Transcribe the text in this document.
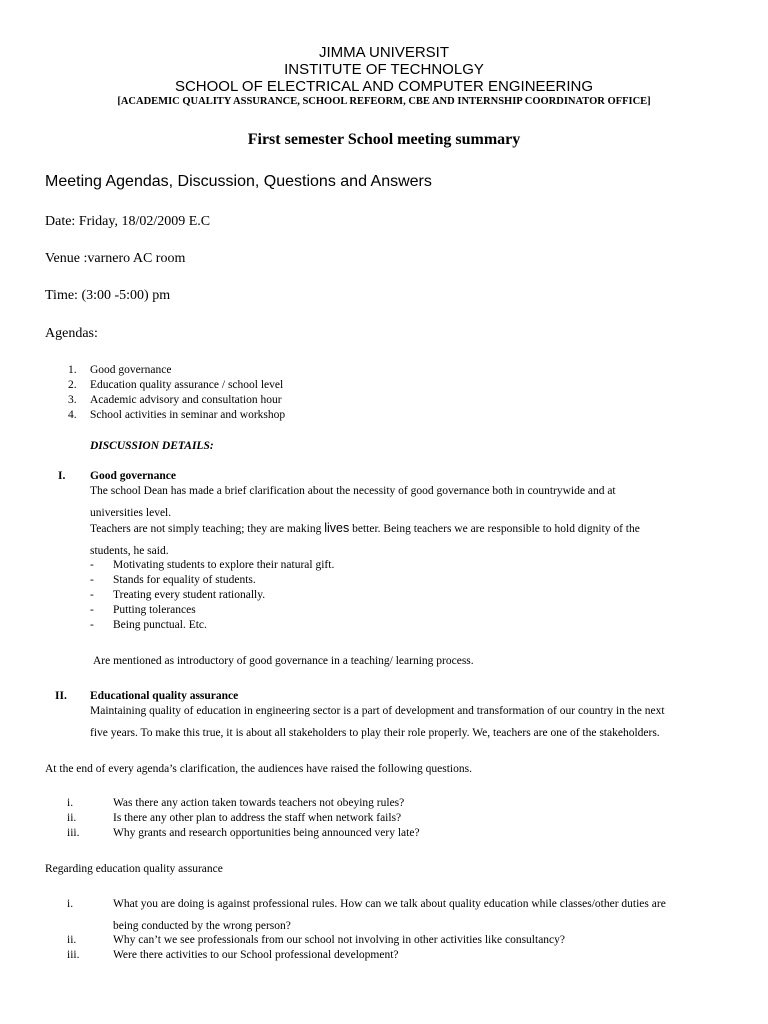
JIMMA UNIVERSIT
INSTITUTE OF TECHNOLGY
SCHOOL OF ELECTRICAL AND COMPUTER ENGINEERING
[ACADEMIC QUALITY ASSURANCE, SCHOOL REFEORM, CBE AND INTERNSHIP COORDINATOR OFFICE]
First semester School meeting summary
Meeting Agendas, Discussion, Questions and Answers
Date: Friday, 18/02/2009 E.C
Venue :varnero AC room
Time: (3:00 -5:00) pm
Agendas:
1. Good governance
2. Education quality assurance / school level
3. Academic advisory and consultation hour
4. School activities in seminar and workshop
DISCUSSION DETAILS:
I. Good governance
The school Dean has made a brief clarification about the necessity of good governance both in countrywide and at
universities level.
Teachers are not simply teaching; they are making lives better. Being teachers we are responsible to hold dignity of the
students, he said.
- Motivating students to explore their natural gift.
- Stands for equality of students.
- Treating every student rationally.
- Putting tolerances
- Being punctual. Etc.
Are mentioned as introductory of good governance in a teaching/ learning process.
II. Educational quality assurance
Maintaining quality of education in engineering sector is a part of development and transformation of our country in the next
five years. To make this true, it is about all stakeholders to play their role properly. We, teachers are one of the stakeholders.
At the end of every agenda’s clarification, the audiences have raised the following questions.
i.	Was there any action taken towards teachers not obeying rules?
ii.	Is there any other plan to address the staff when network fails?
iii.	Why grants and research opportunities being announced very late?
Regarding education quality assurance
i.	What you are doing is against professional rules. How can we talk about quality education while classes/other duties are
being conducted by the wrong person?
ii.	Why can’t we see professionals from our school not involving in other activities like consultancy?
iii.	Were there activities to our School professional development?
